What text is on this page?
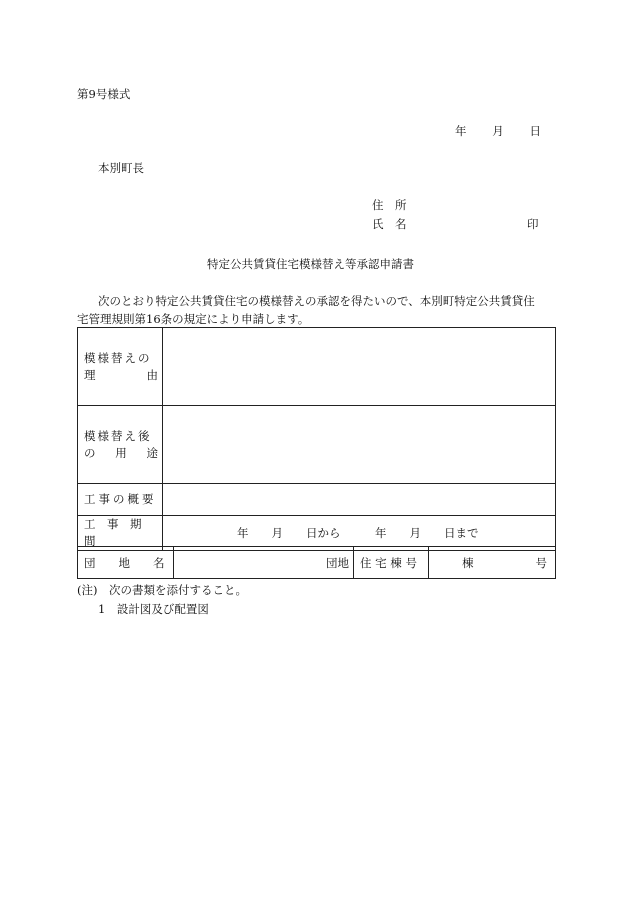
第9号様式
年 月 日
本別町長
住　所
氏　名	印
特定公共賃貸住宅模様替え等承認申請書
次のとおり特定公共賃貸住宅の模様替えの承認を得たいので、本別町特定公共賃貸住
宅管理規則第16条の規定により申請します。
模様替えの
理 由	

模様替え後
の 用 途	

工事の概要	
工　事　期　間	年　　月　　日から　　　年　　月　　日まで
団　　地　　名	団地 住 宅 棟 号	棟	号
(注)　次の書類を添付すること。
1　設計図及び配置図
